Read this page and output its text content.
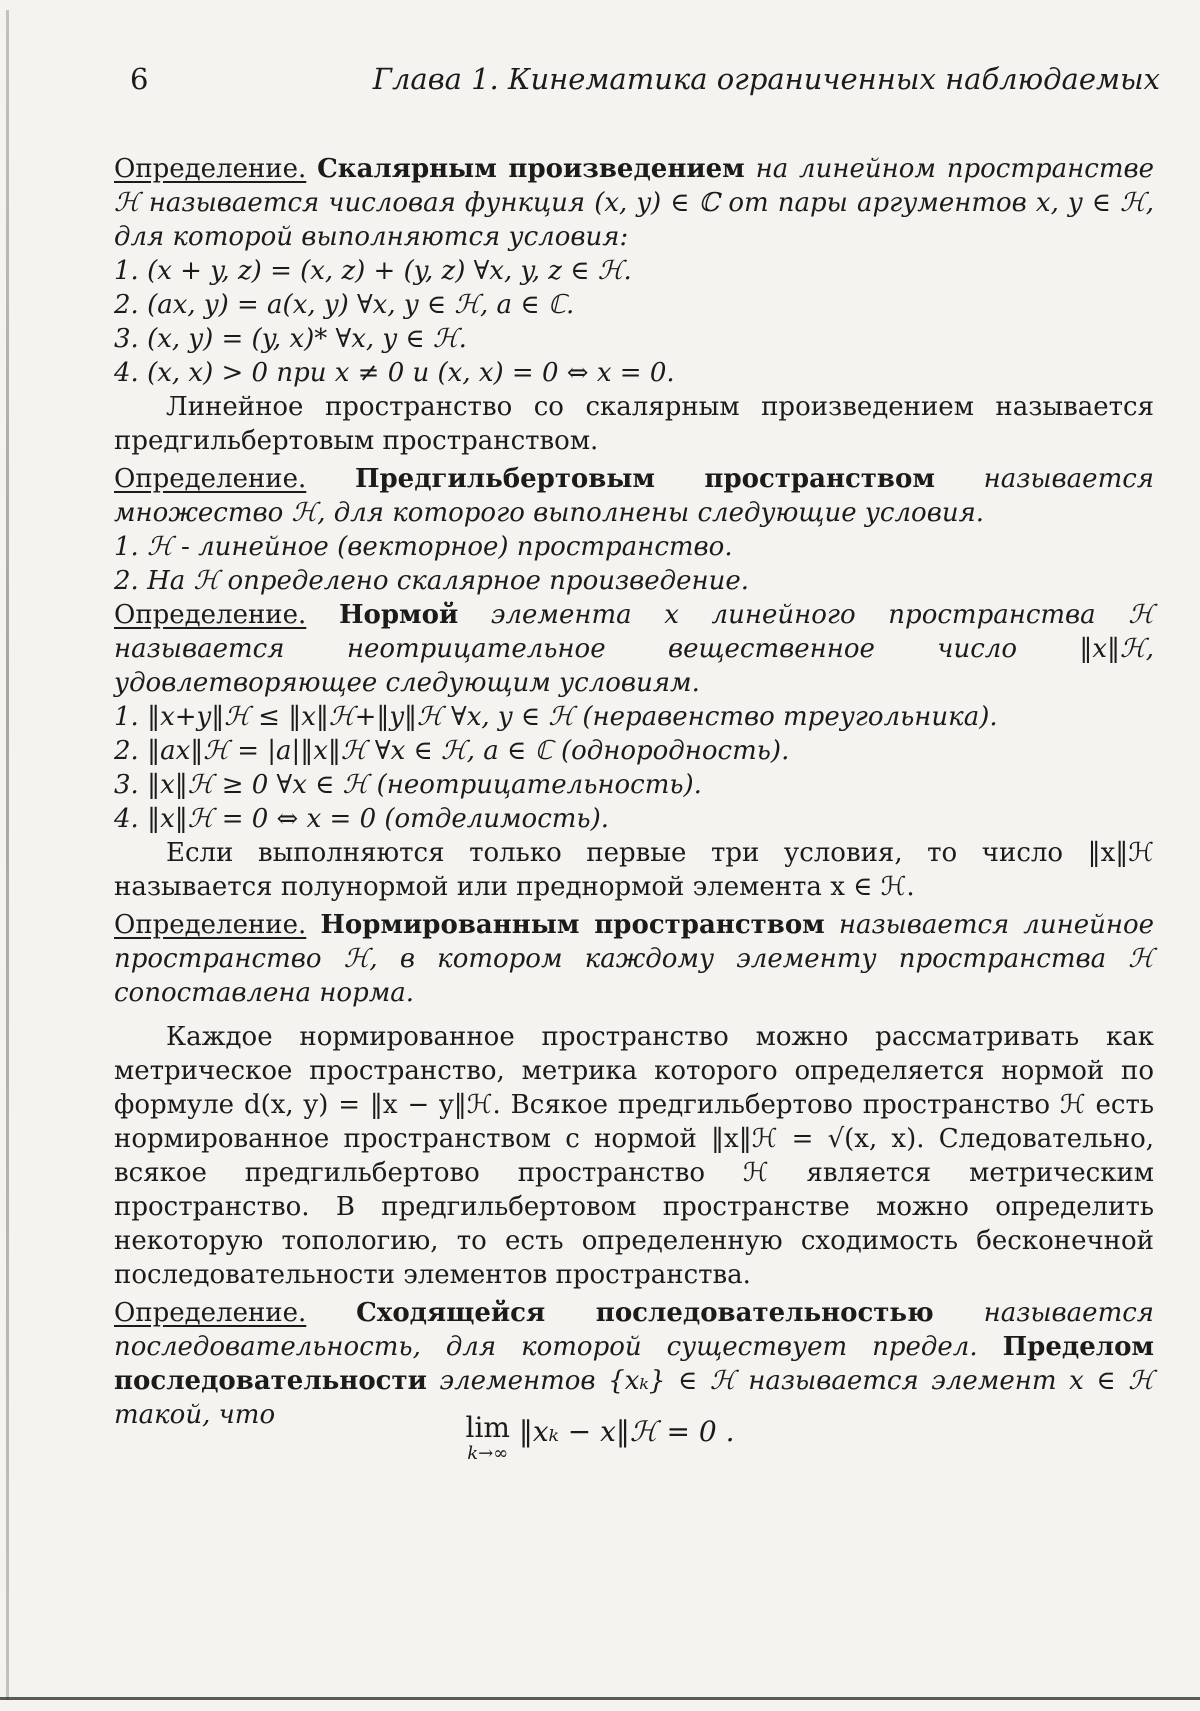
6	Глава 1. Кинематика ограниченных наблюдаемых

Определение. Скалярным произведением на линейном пространстве ℋ называется числовая функция (x, y) ∈ ℂ от пары аргументов x, y ∈ ℋ, для которой выполняются условия:

1. (x + y, z) = (x, z) + (y, z) ∀x, y, z ∈ ℋ.

2. (ax, y) = a(x, y) ∀x, y ∈ ℋ, a ∈ ℂ.

3. (x, y) = (y, x)* ∀x, y ∈ ℋ.

4. (x, x) > 0 при x ≠ 0 и (x, x) = 0 ⇔ x = 0.

Линейное пространство со скалярным произведением называется предгильбертовым пространством.

Определение. Предгильбертовым пространством называется множество ℋ, для которого выполнены следующие условия.

1. ℋ - линейное (векторное) пространство.

2. На ℋ определено скалярное произведение.

Определение. Нормой элемента x линейного пространства ℋ называется неотрицательное вещественное число ‖x‖ℋ, удовлетворяющее следующим условиям.

1. ‖x+y‖ℋ ≤ ‖x‖ℋ+‖y‖ℋ ∀x, y ∈ ℋ (неравенство треугольника).

2. ‖ax‖ℋ = |a|‖x‖ℋ ∀x ∈ ℋ, a ∈ ℂ (однородность).

3. ‖x‖ℋ ≥ 0 ∀x ∈ ℋ (неотрицательность).

4. ‖x‖ℋ = 0 ⇔ x = 0 (отделимость).

Если выполняются только первые три условия, то число ‖x‖ℋ называется полунормой или преднормой элемента x ∈ ℋ.

Определение. Нормированным пространством называется линейное пространство ℋ, в котором каждому элементу пространства ℋ сопоставлена норма.

Каждое нормированное пространство можно рассматривать как метрическое пространство, метрика которого определяется нормой по формуле d(x, y) = ‖x − y‖ℋ. Всякое предгильбертово пространство ℋ есть нормированное пространством с нормой ‖x‖ℋ = √(x, x). Следовательно, всякое предгильбертово пространство ℋ является метрическим пространство. В предгильбертовом пространстве можно определить некоторую топологию, то есть определенную сходимость бесконечной последовательности элементов пространства.

Определение. Сходящейся последовательностью называется последовательность, для которой существует предел. Пределом последовательности элементов {xₖ} ∈ ℋ называется элемент x ∈ ℋ такой, что	lim
k→∞
‖xₖ − x‖ℋ = 0 .
